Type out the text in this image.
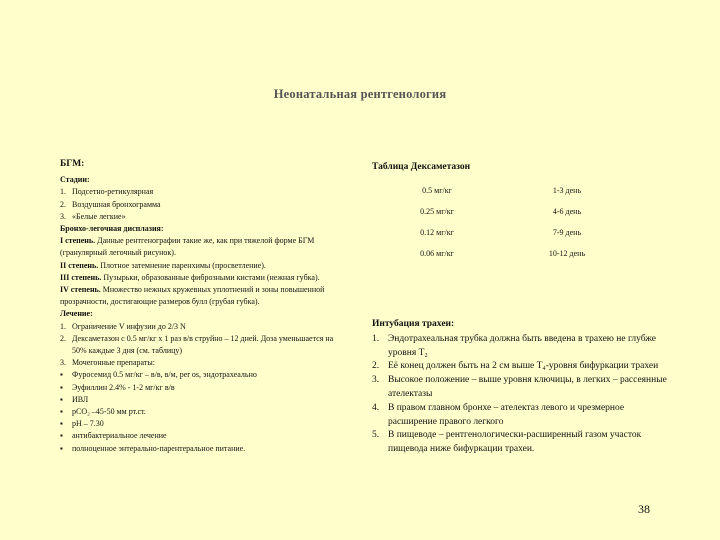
Неонатальная рентгенология
БГМ:
Стадии:
1. Подсетно-ретикулярная
2. Воздушная бронхограмма
3. «Белые легкие»
Бронхо-легочная дисплазия:
I степень. Данные рентгенографии такие же, как при тяжелой форме БГМ (гранулярный легочный рисунок).
II степень. Плотное затемнение паренхимы (просветление).
III степень. Пузырьки, образованные фиброзными кистами (нежная губка).
IV степень. Множество нежных кружевных уплотнений и зоны повышенной прозрачности, достигающие размеров булл (грубая губка).
Лечение:
1. Ограничение V инфузии до 2/3 N
2. Дексаметазон с 0.5 мг/кг х 1 раз в/в струйно – 12 дней. Доза уменьшается на 50% каждые 3 дня (см. таблицу)
3. Мочегонные препараты:
▪	Фуросемид 0.5 мг/кг – в/в, в/м, per os, эндотрахеально
▪	Эуфиллин 2.4% - 1-2 мг/кг в/в
▪	ИВЛ
▪	pCO₂ –45-50 мм рт.ст.
▪	pH – 7.30
▪	антибактериальное лечение
▪	полноценное энтерально-парентеральное питание.
Таблица Дексаметазон
0.5 мг/кг	1-3 день
0.25 мг/кг	4-6 день
0.12 мг/кг	7-9 день
0.06 мг/кг	10-12 день
Интубация трахеи:
1. Эндотрахеальная трубка должна быть введена в трахею не глубже уровня T₂
2. Её конец должен быть на 2 см выше T₄-уровня бифуркации трахеи
3. Высокое положение – выше уровня ключицы, в легких – рассеянные ателектазы
4. В правом главном бронхе – ателектаз левого и чрезмерное расширение правого легкого
5. В пищеводе – рентгенологически-расширенный газом участок пищевода ниже бифуркации трахеи.
38
